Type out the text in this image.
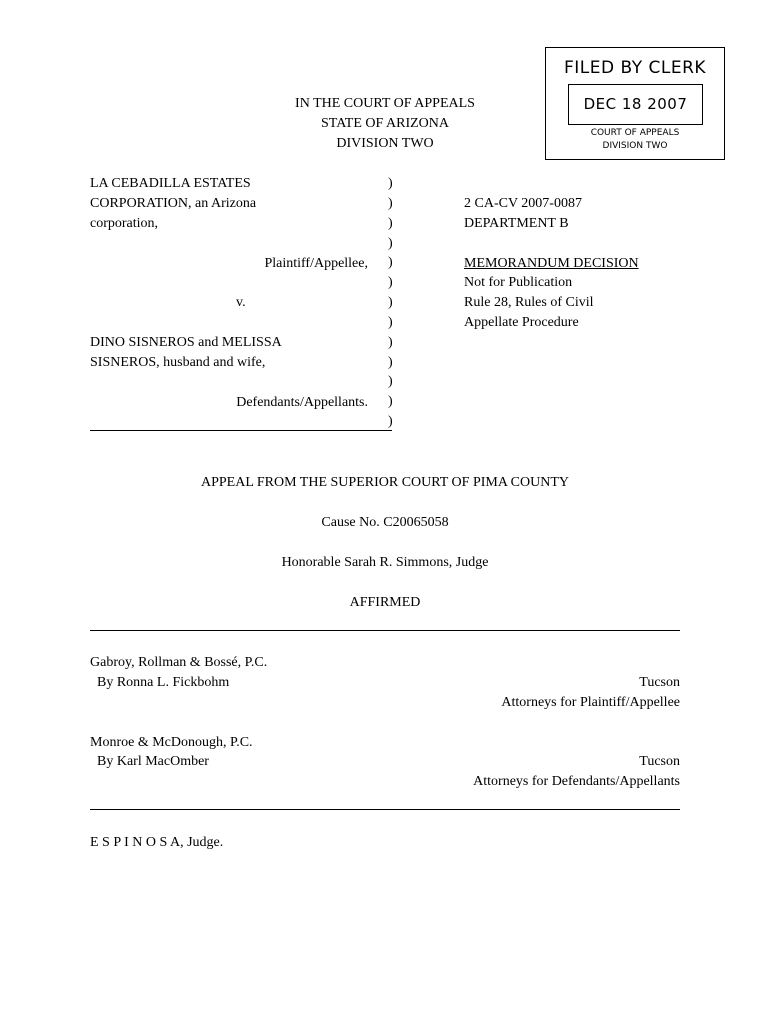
FILED BY CLERK
DEC 18 2007
COURT OF APPEALS
DIVISION TWO
IN THE COURT OF APPEALS
STATE OF ARIZONA
DIVISION TWO
LA CEBADILLA ESTATES
CORPORATION, an Arizona
corporation,
Plaintiff/Appellee,
v.
DINO SISNEROS and MELISSA
SISNEROS, husband and wife,
Defendants/Appellants.
)
)
)
)
)
)
)
)
)
)
)
)
)
2 CA-CV 2007-0087
DEPARTMENT B
MEMORANDUM DECISION
Not for Publication
Rule 28, Rules of Civil
Appellate Procedure
APPEAL FROM THE SUPERIOR COURT OF PIMA COUNTY
Cause No. C20065058
Honorable Sarah R. Simmons, Judge
AFFIRMED
Gabroy, Rollman & Bossé, P.C.
By Ronna L. Fickbohm	Tucson
Attorneys for Plaintiff/Appellee
Monroe & McDonough, P.C.
By Karl MacOmber	Tucson
Attorneys for Defendants/Appellants
E S P I N O S A, Judge.
